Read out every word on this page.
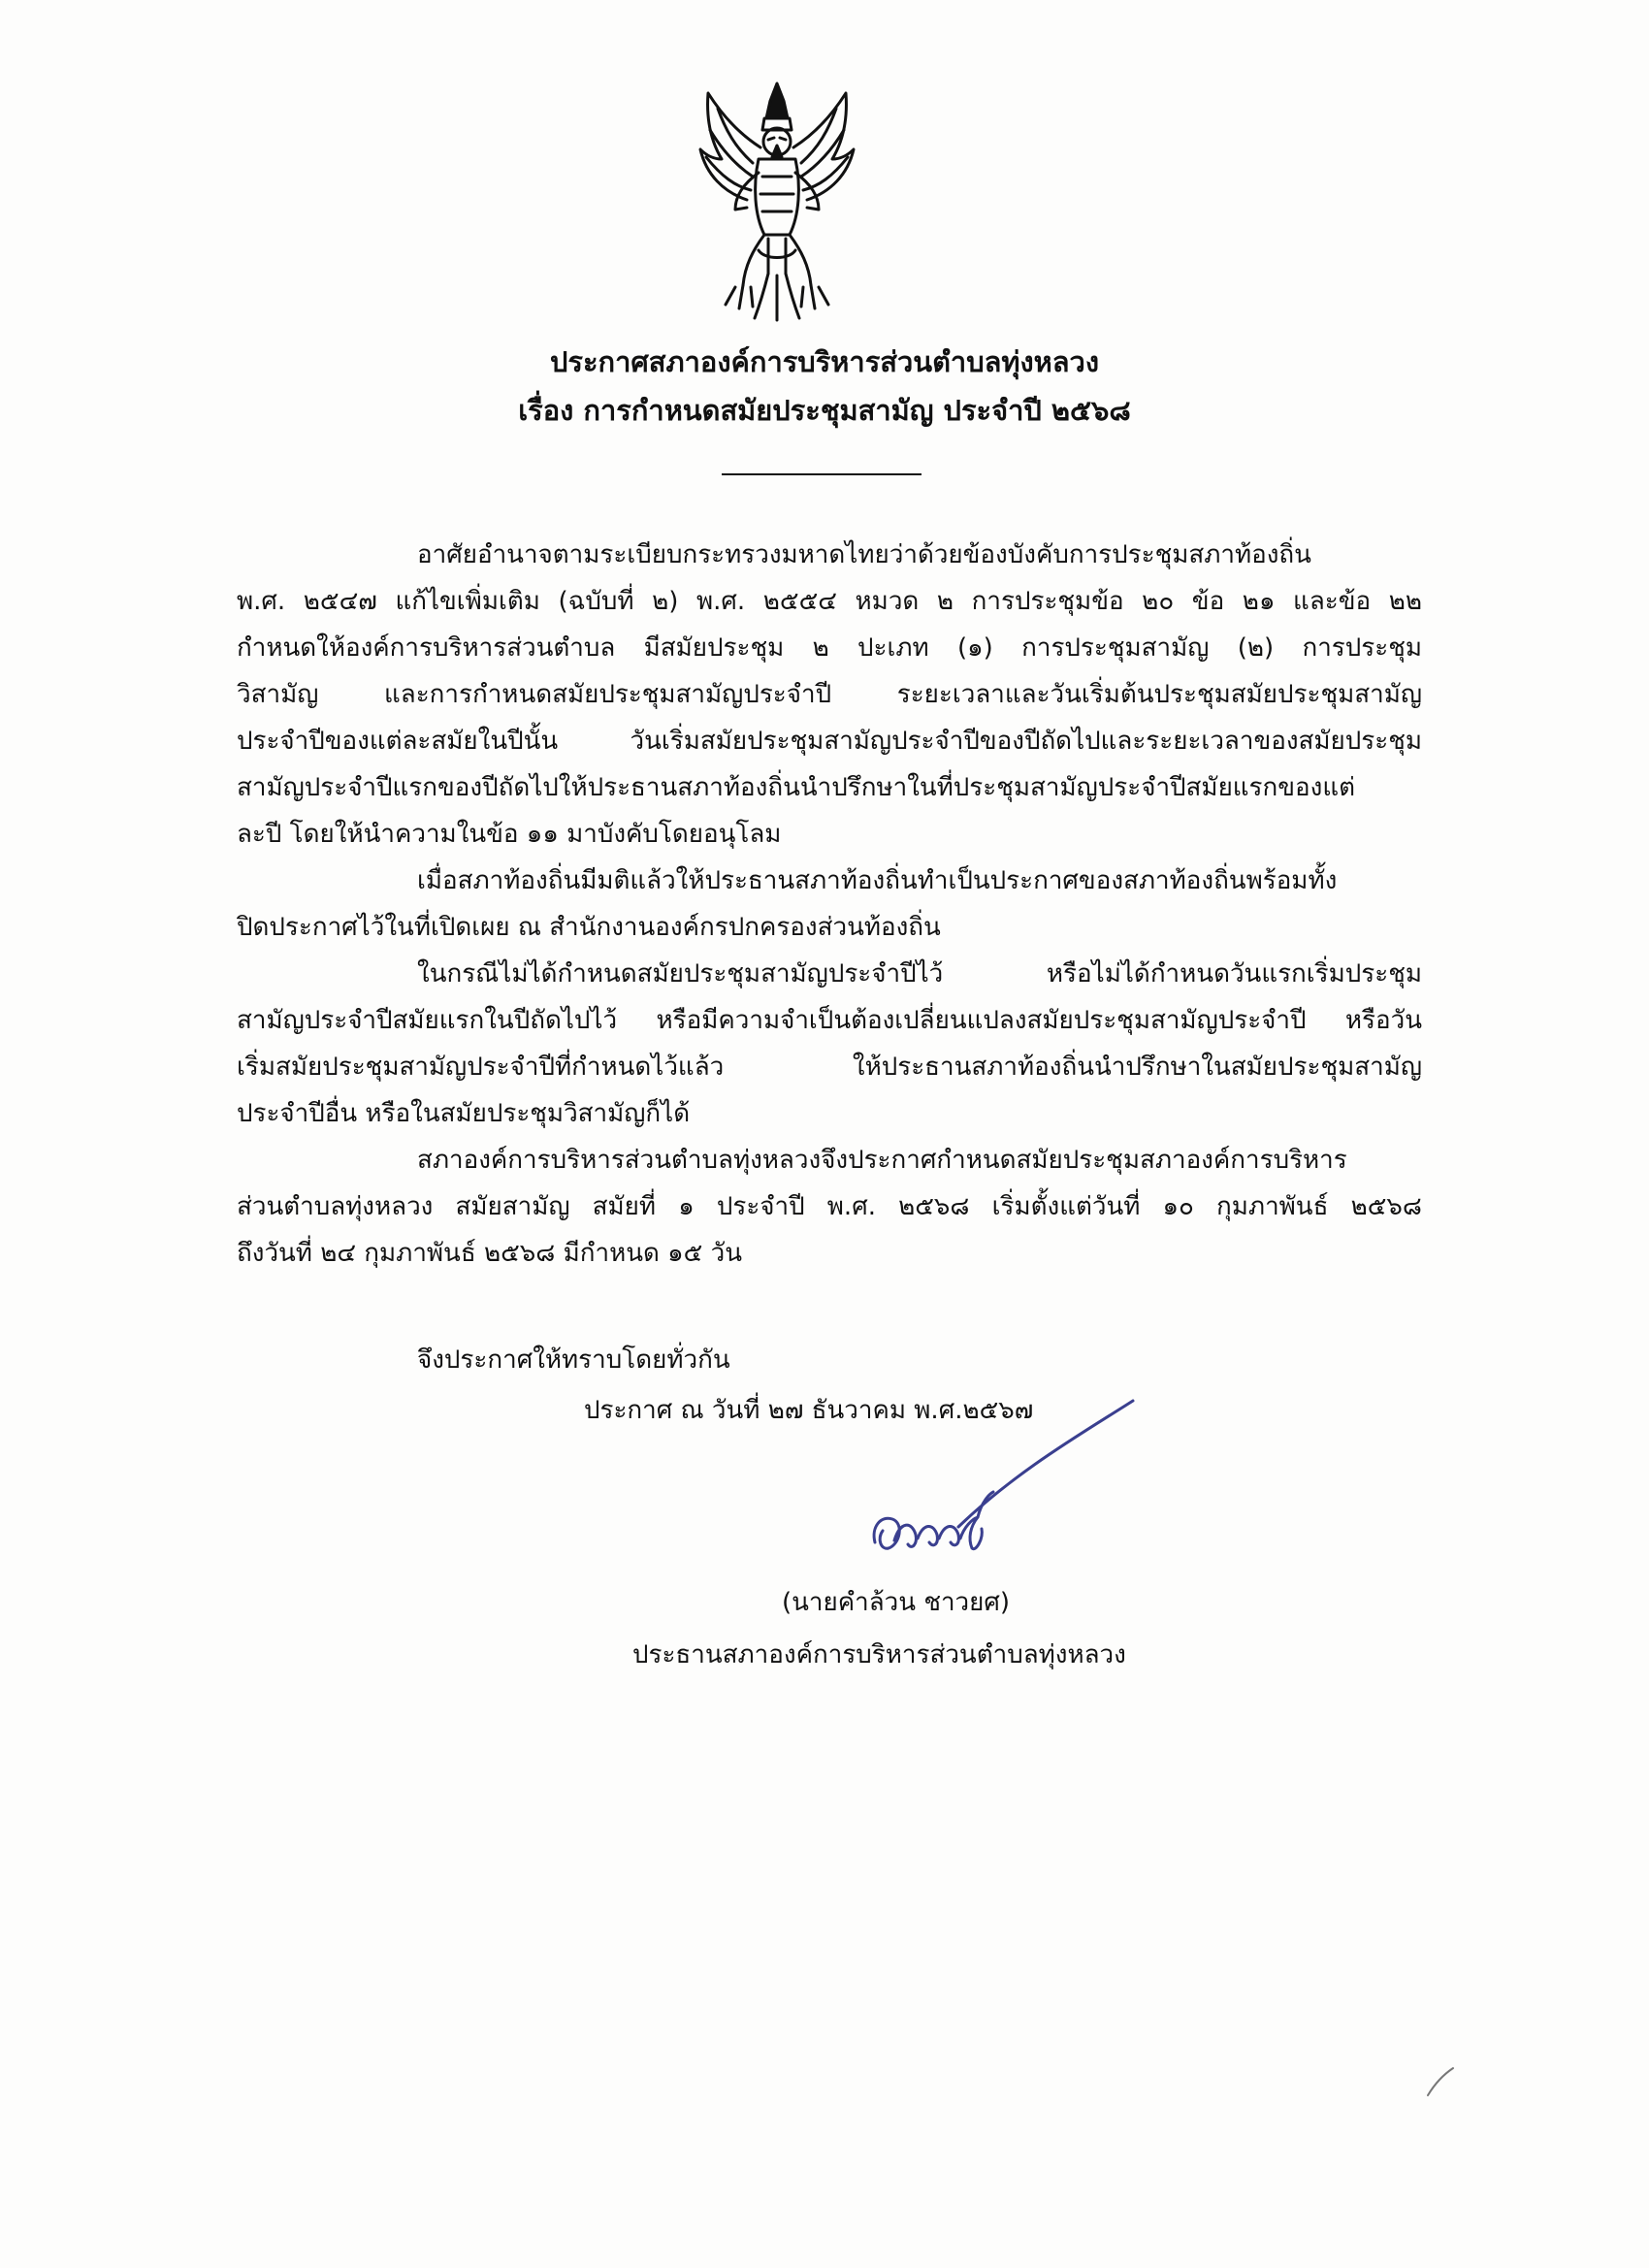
ประกาศสภาองค์การบริหารส่วนตำบลทุ่งหลวง
เรื่อง การกำหนดสมัยประชุมสามัญ ประจำปี ๒๕๖๘
อาศัยอำนาจตามระเบียบกระทรวงมหาดไทยว่าด้วยข้องบังคับการประชุมสภาท้องถิ่น
พ.ศ. ๒๕๔๗ แก้ไขเพิ่มเติม (ฉบับที่ ๒) พ.ศ. ๒๕๕๔ หมวด ๒ การประชุมข้อ ๒๐ ข้อ ๒๑ และข้อ ๒๒
กำหนดให้องค์การบริหารส่วนตำบล มีสมัยประชุม ๒ ปะเภท (๑) การประชุมสามัญ (๒) การประชุม
วิสามัญ และการกำหนดสมัยประชุมสามัญประจำปี ระยะเวลาและวันเริ่มต้นประชุมสมัยประชุมสามัญ
ประจำปีของแต่ละสมัยในปีนั้น วันเริ่มสมัยประชุมสามัญประจำปีของปีถัดไปและระยะเวลาของสมัยประชุม
สามัญประจำปีแรกของปีถัดไปให้ประธานสภาท้องถิ่นนำปรึกษาในที่ประชุมสามัญประจำปีสมัยแรกของแต่
ละปี โดยให้นำความในข้อ ๑๑ มาบังคับโดยอนุโลม
เมื่อสภาท้องถิ่นมีมติแล้วให้ประธานสภาท้องถิ่นทำเป็นประกาศของสภาท้องถิ่นพร้อมทั้ง
ปิดประกาศไว้ในที่เปิดเผย ณ สำนักงานองค์กรปกครองส่วนท้องถิ่น
ในกรณีไม่ได้กำหนดสมัยประชุมสามัญประจำปีไว้ หรือไม่ได้กำหนดวันแรกเริ่มประชุม
สามัญประจำปีสมัยแรกในปีถัดไปไว้ หรือมีความจำเป็นต้องเปลี่ยนแปลงสมัยประชุมสามัญประจำปี หรือวัน
เริ่มสมัยประชุมสามัญประจำปีที่กำหนดไว้แล้ว ให้ประธานสภาท้องถิ่นนำปรึกษาในสมัยประชุมสามัญ
ประจำปีอื่น หรือในสมัยประชุมวิสามัญก็ได้
สภาองค์การบริหารส่วนตำบลทุ่งหลวงจึงประกาศกำหนดสมัยประชุมสภาองค์การบริหาร
ส่วนตำบลทุ่งหลวง สมัยสามัญ สมัยที่ ๑ ประจำปี พ.ศ. ๒๕๖๘ เริ่มตั้งแต่วันที่ ๑๐ กุมภาพันธ์ ๒๕๖๘
ถึงวันที่ ๒๔ กุมภาพันธ์ ๒๕๖๘ มีกำหนด ๑๕ วัน
จึงประกาศให้ทราบโดยทั่วกัน
ประกาศ ณ วันที่ ๒๗ ธันวาคม พ.ศ.๒๕๖๗
(นายคำล้วน ชาวยศ)
ประธานสภาองค์การบริหารส่วนตำบลทุ่งหลวง
